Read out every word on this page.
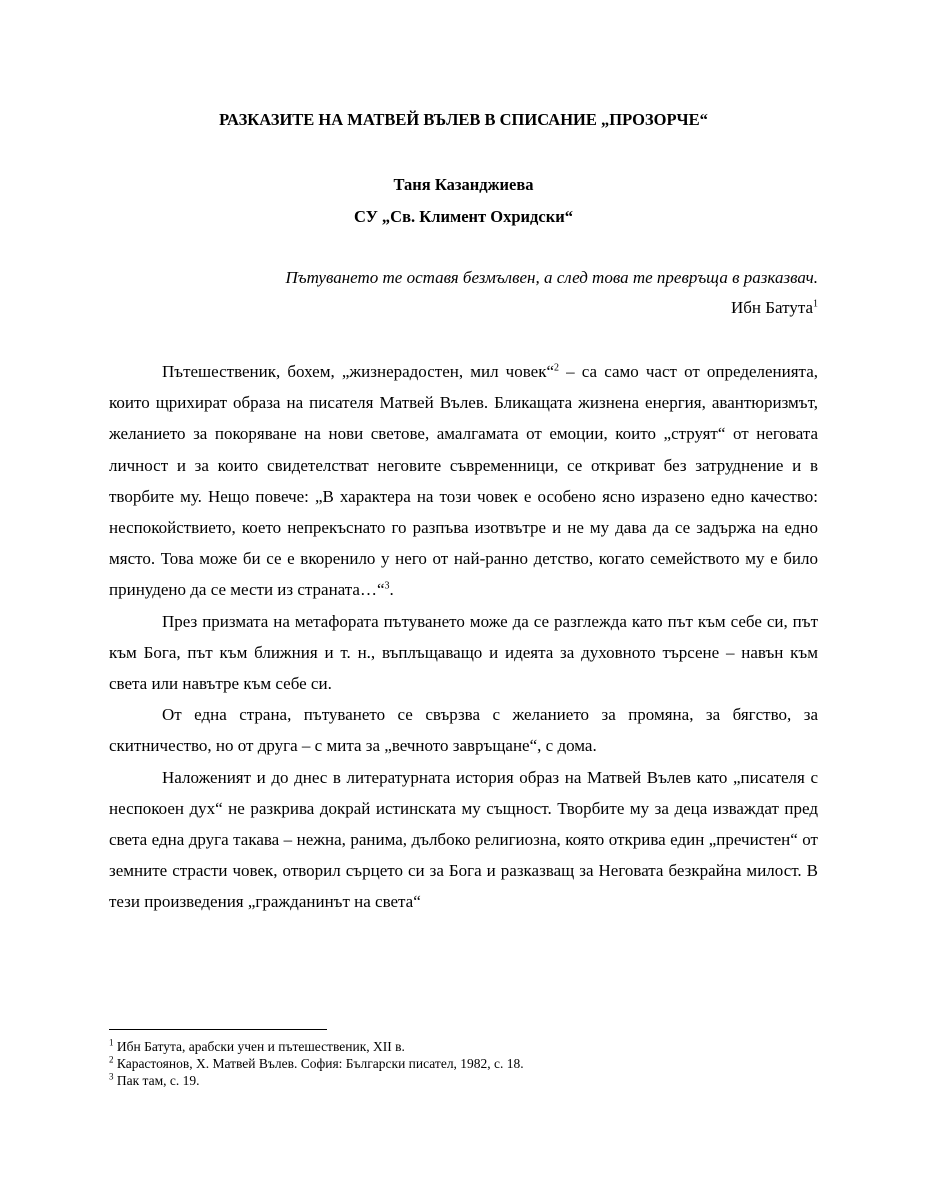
РАЗКАЗИТЕ НА МАТВЕЙ ВЪЛЕВ В СПИСАНИЕ „ПРОЗОРЧЕ“
Таня Казанджиева
СУ „Св. Климент Охридски“
Пътуването те оставя безмълвен, а след това те превръща в разказвач.
Ибн Батута$^1$

Пътешественик, бохем, „жизнерадостен, мил човек“$^2$ – са само част от определенията, които щрихират образа на писателя Матвей Вълев. Бликащата жизнена енергия, авантюризмът, желанието за покоряване на нови светове, амалгамата от емоции, които „струят“ от неговата личност и за които свидетелстват неговите съвременници, се откриват без затруднение и в творбите му. Нещо повече: „В характера на този човек е особено ясно изразено едно качество: неспокойствието, което непрекъснато го разпъва изотвътре и не му дава да се задържа на едно място. Това може би се е вкоренило у него от най-ранно детство, когато семейството му е било принудено да се мести из страната…“$^3$.

През призмата на метафората пътуването може да се разглежда като път към себе си, път към Бога, път към ближния и т. н., въплъщаващо и идеята за духовното търсене – навън към света или навътре към себе си.

От една страна, пътуването се свързва с желанието за промяна, за бягство, за скитничество, но от друга – с мита за „вечното завръщане“, с дома.

Наложеният и до днес в литературната история образ на Матвей Вълев като „писателя с неспокоен дух“ не разкрива докрай истинската му същност. Творбите му за деца изваждат пред света една друга такава – нежна, ранима, дълбоко религиозна, която открива един „пречистен“ от земните страсти човек, отворил сърцето си за Бога и разказващ за Неговата безкрайна милост. В тези произведения „гражданинът на света“

$^1$ Ибн Батута, арабски учен и пътешественик, XII в.

$^2$ Карастоянов, Х. Матвей Вълев. София: Български писател, 1982, с. 18.

$^3$ Пак там, с. 19.
